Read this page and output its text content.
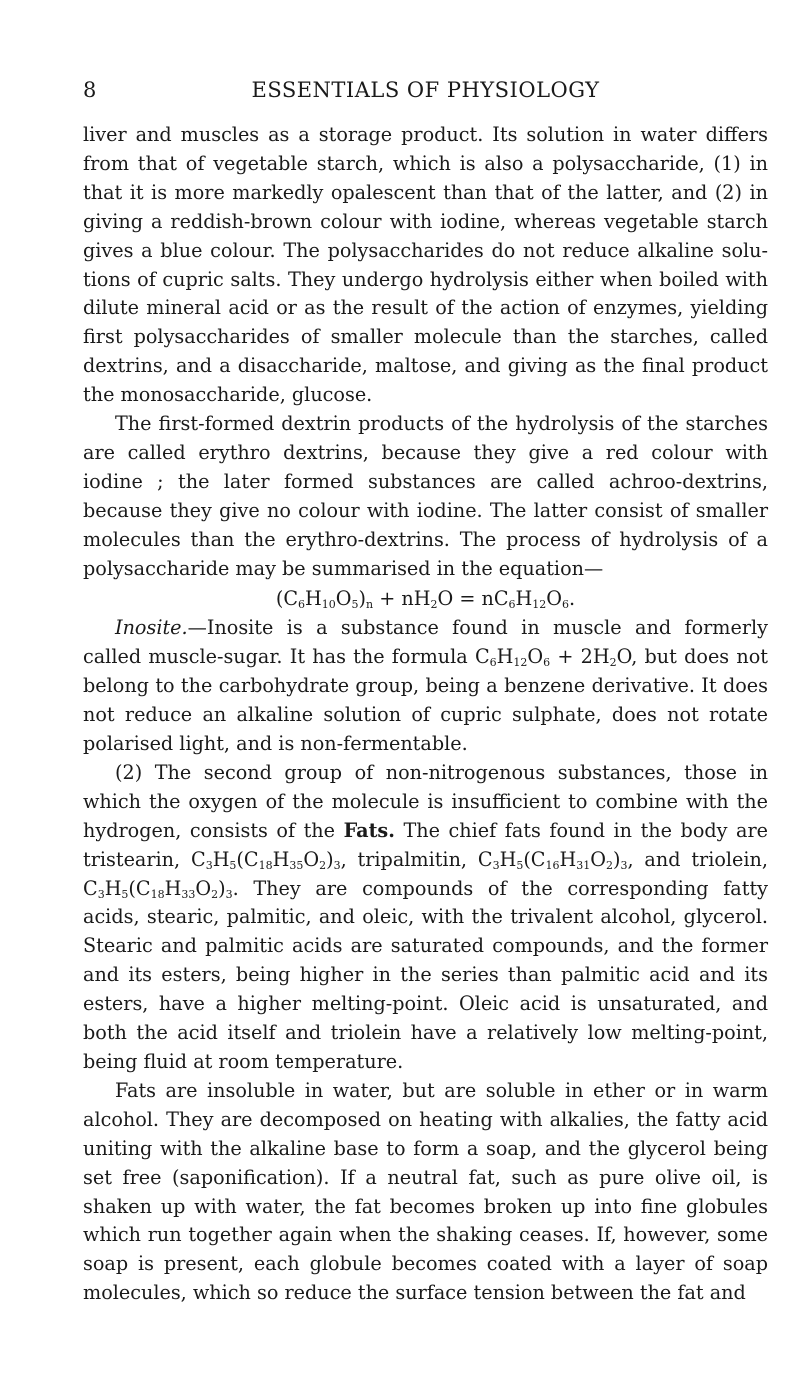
8	ESSENTIALS OF PHYSIOLOGY

liver and muscles as a storage product. Its solution in water differs from that of vegetable starch, which is also a polysaccharide, (1) in that it is more markedly opalescent than that of the latter, and (2) in giving a reddish-brown colour with iodine, whereas vegetable starch gives a blue colour. The polysaccharides do not reduce alkaline solu- tions of cupric salts. They undergo hydrolysis either when boiled with dilute mineral acid or as the result of the action of enzymes, yielding first polysaccharides of smaller molecule than the starches, called dextrins, and a disaccharide, maltose, and giving as the final product the monosaccharide, glucose.

The first-formed dextrin products of the hydrolysis of the starches are called erythro dextrins, because they give a red colour with iodine ; the later formed substances are called achroo-dextrins, because they give no colour with iodine. The latter consist of smaller molecules than the erythro-dextrins. The process of hydrolysis of a polysaccharide may be summarised in the equation—

$(C_6H_{10}O_5)_n + nH_2O = nC_6H_{12}O_6$.

Inosite.—Inosite is a substance found in muscle and formerly called muscle-sugar. It has the formula $C_6H_{12}O_6 + 2H_2O$, but does not belong to the carbohydrate group, being a benzene derivative. It does not reduce an alkaline solution of cupric sulphate, does not rotate polarised light, and is non-fermentable.

(2) The second group of non-nitrogenous substances, those in which the oxygen of the molecule is insufficient to combine with the hydrogen, consists of the Fats. The chief fats found in the body are tristearin, $C_3H_5(C_{18}H_{35}O_2)_3$, tripalmitin, $C_3H_5(C_{16}H_{31}O_2)_3$, and triolein, $C_3H_5(C_{18}H_{33}O_2)_3$. They are compounds of the corresponding fatty acids, stearic, palmitic, and oleic, with the trivalent alcohol, glycerol. Stearic and palmitic acids are saturated compounds, and the former and its esters, being higher in the series than palmitic acid and its esters, have a higher melting-point. Oleic acid is unsaturated, and both the acid itself and triolein have a relatively low melting-point, being fluid at room temperature.

Fats are insoluble in water, but are soluble in ether or in warm alcohol. They are decomposed on heating with alkalies, the fatty acid uniting with the alkaline base to form a soap, and the glycerol being set free (saponification). If a neutral fat, such as pure olive oil, is shaken up with water, the fat becomes broken up into fine globules which run together again when the shaking ceases. If, however, some soap is present, each globule becomes coated with a layer of soap molecules, which so reduce the surface tension between the fat and
